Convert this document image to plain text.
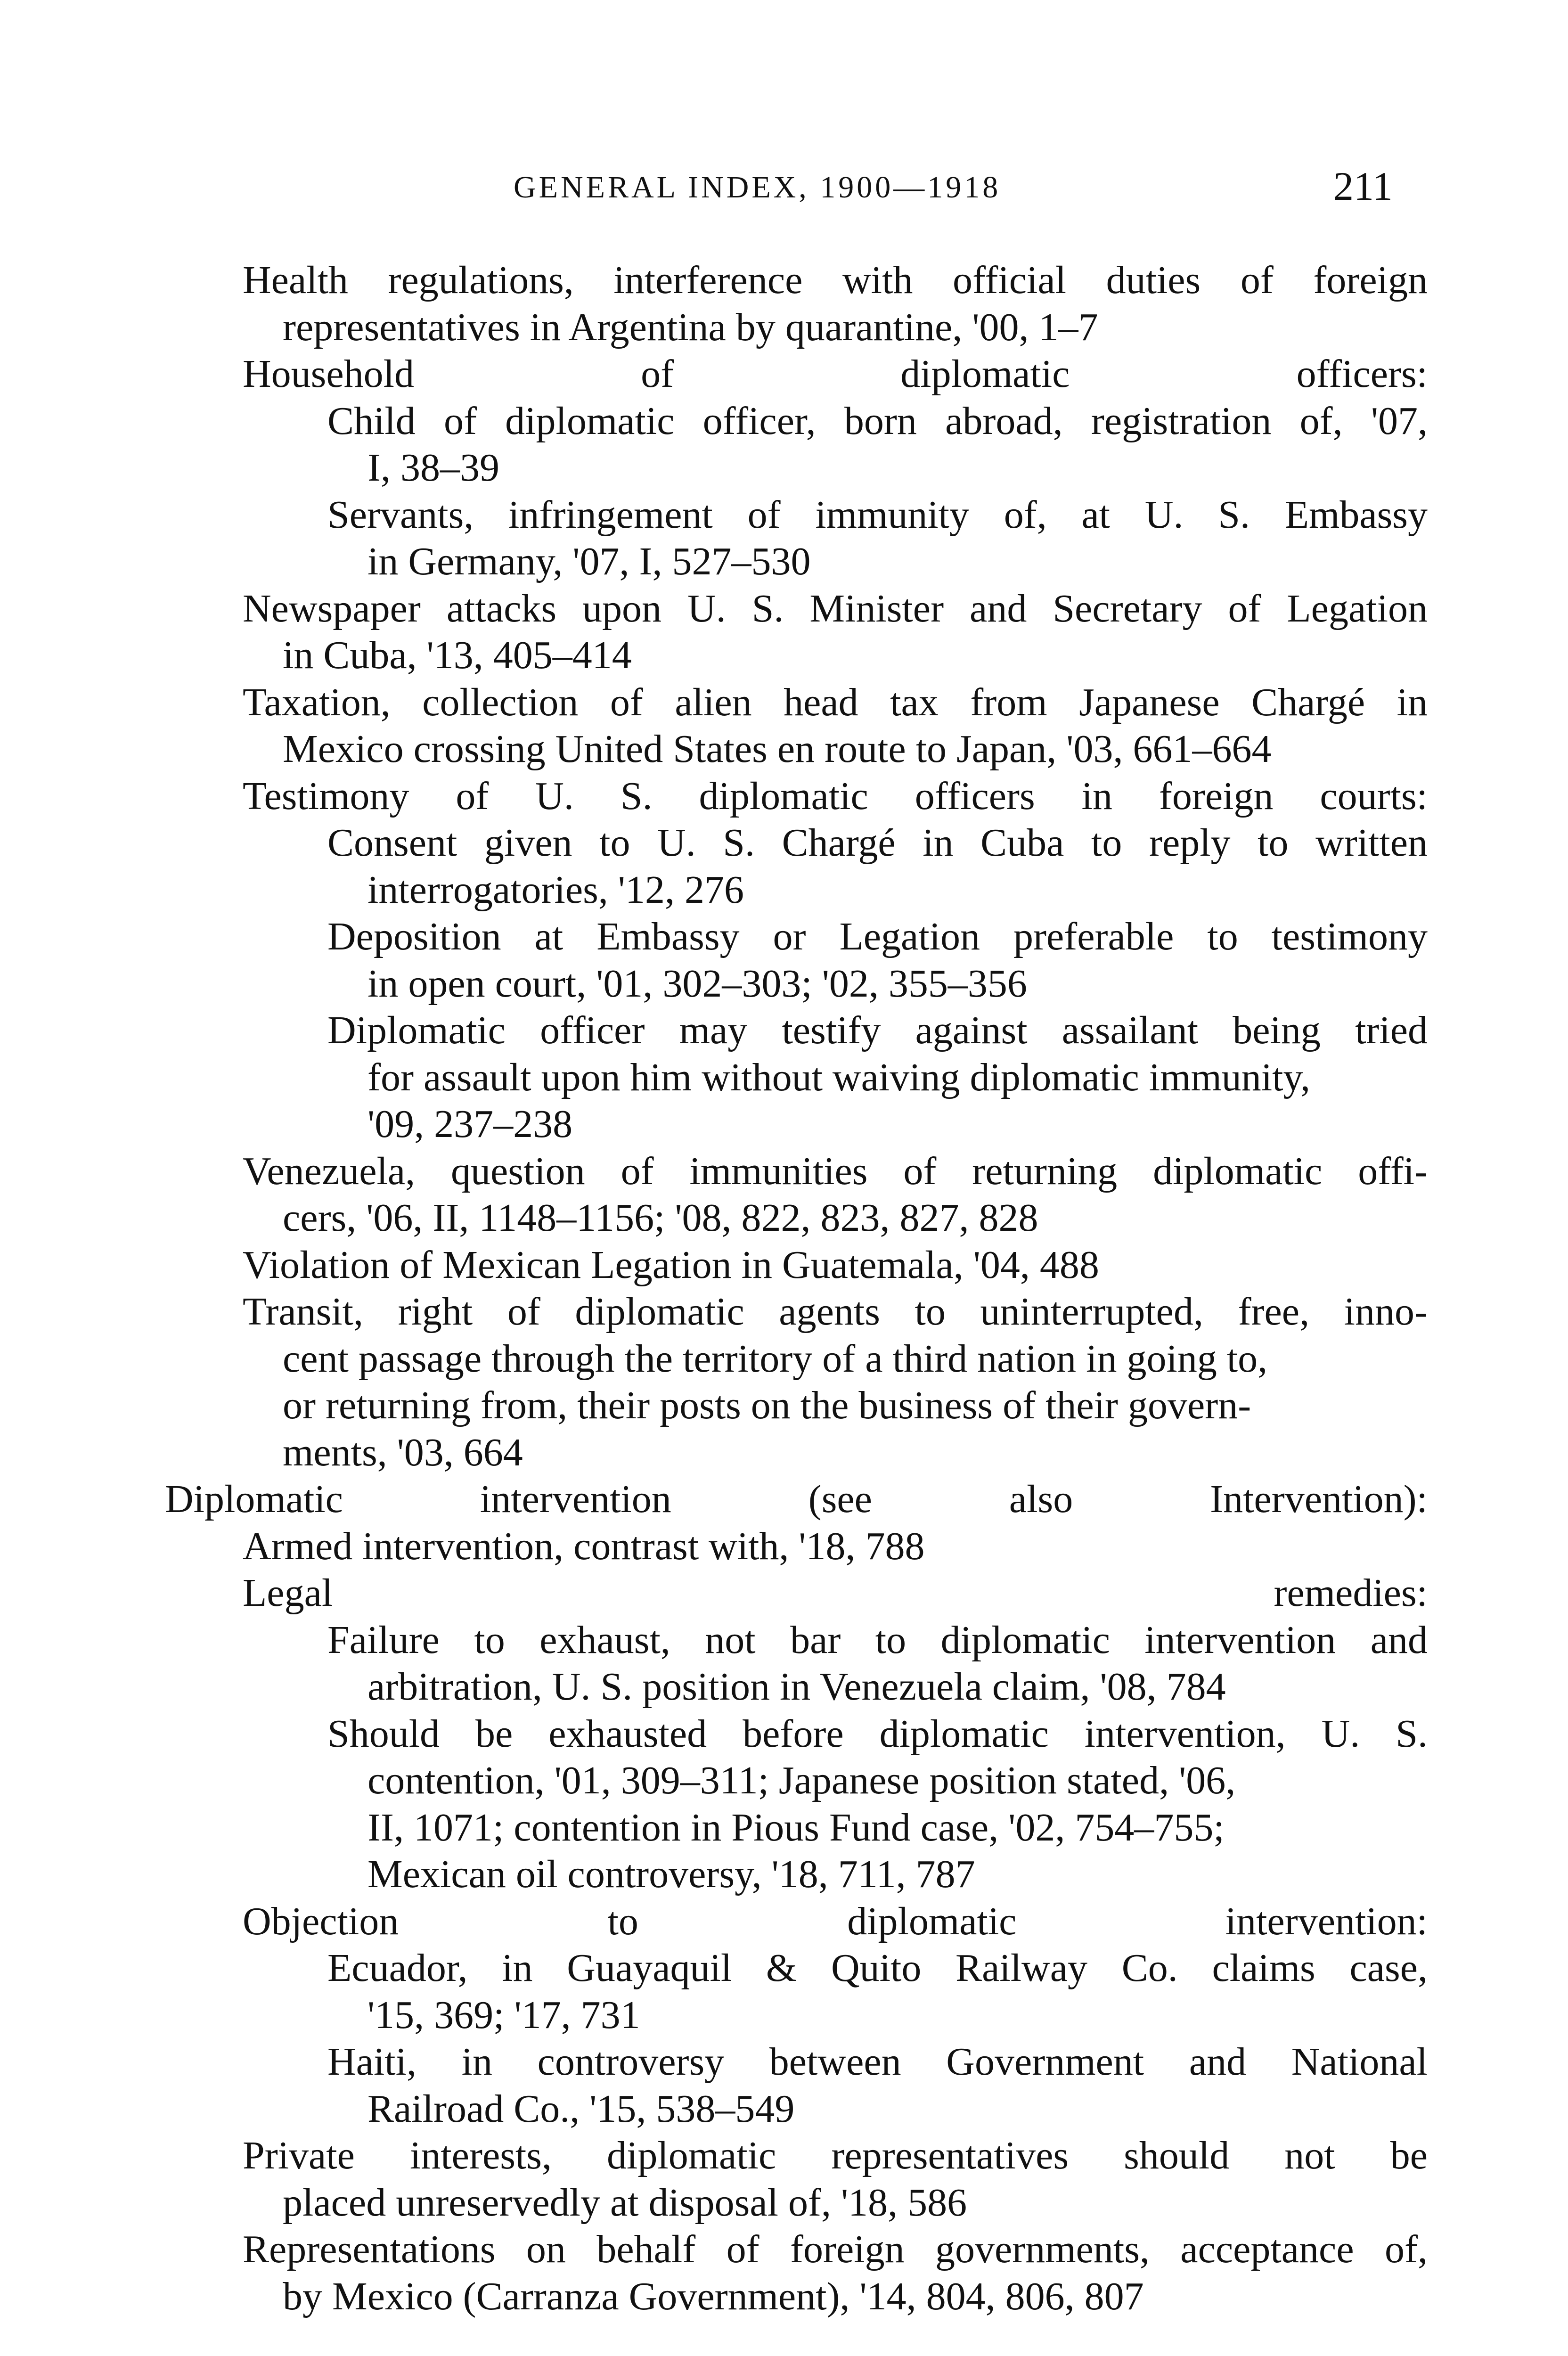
GENERAL INDEX, 1900—1918	211
Health regulations, interference with official duties of foreign
representatives in Argentina by quarantine, '00, 1–7
Household of diplomatic officers:
Child of diplomatic officer, born abroad, registration of, '07,
I, 38–39
Servants, infringement of immunity of, at U. S. Embassy
in Germany, '07, I, 527–530
Newspaper attacks upon U. S. Minister and Secretary of Legation
in Cuba, '13, 405–414
Taxation, collection of alien head tax from Japanese Chargé in
Mexico crossing United States en route to Japan, '03, 661–664
Testimony of U. S. diplomatic officers in foreign courts:
Consent given to U. S. Chargé in Cuba to reply to written
interrogatories, '12, 276
Deposition at Embassy or Legation preferable to testimony
in open court, '01, 302–303; '02, 355–356
Diplomatic officer may testify against assailant being tried
for assault upon him without waiving diplomatic immunity,
'09, 237–238
Venezuela, question of immunities of returning diplomatic offi-
cers, '06, II, 1148–1156; '08, 822, 823, 827, 828
Violation of Mexican Legation in Guatemala, '04, 488
Transit, right of diplomatic agents to uninterrupted, free, inno-
cent passage through the territory of a third nation in going to,
or returning from, their posts on the business of their govern-
ments, '03, 664
Diplomatic intervention (see also Intervention):
Armed intervention, contrast with, '18, 788
Legal remedies:
Failure to exhaust, not bar to diplomatic intervention and
arbitration, U. S. position in Venezuela claim, '08, 784
Should be exhausted before diplomatic intervention, U. S.
contention, '01, 309–311; Japanese position stated, '06,
II, 1071; contention in Pious Fund case, '02, 754–755;
Mexican oil controversy, '18, 711, 787
Objection to diplomatic intervention:
Ecuador, in Guayaquil & Quito Railway Co. claims case,
'15, 369; '17, 731
Haiti, in controversy between Government and National
Railroad Co., '15, 538–549
Private interests, diplomatic representatives should not be
placed unreservedly at disposal of, '18, 586
Representations on behalf of foreign governments, acceptance of,
by Mexico (Carranza Government), '14, 804, 806, 807
